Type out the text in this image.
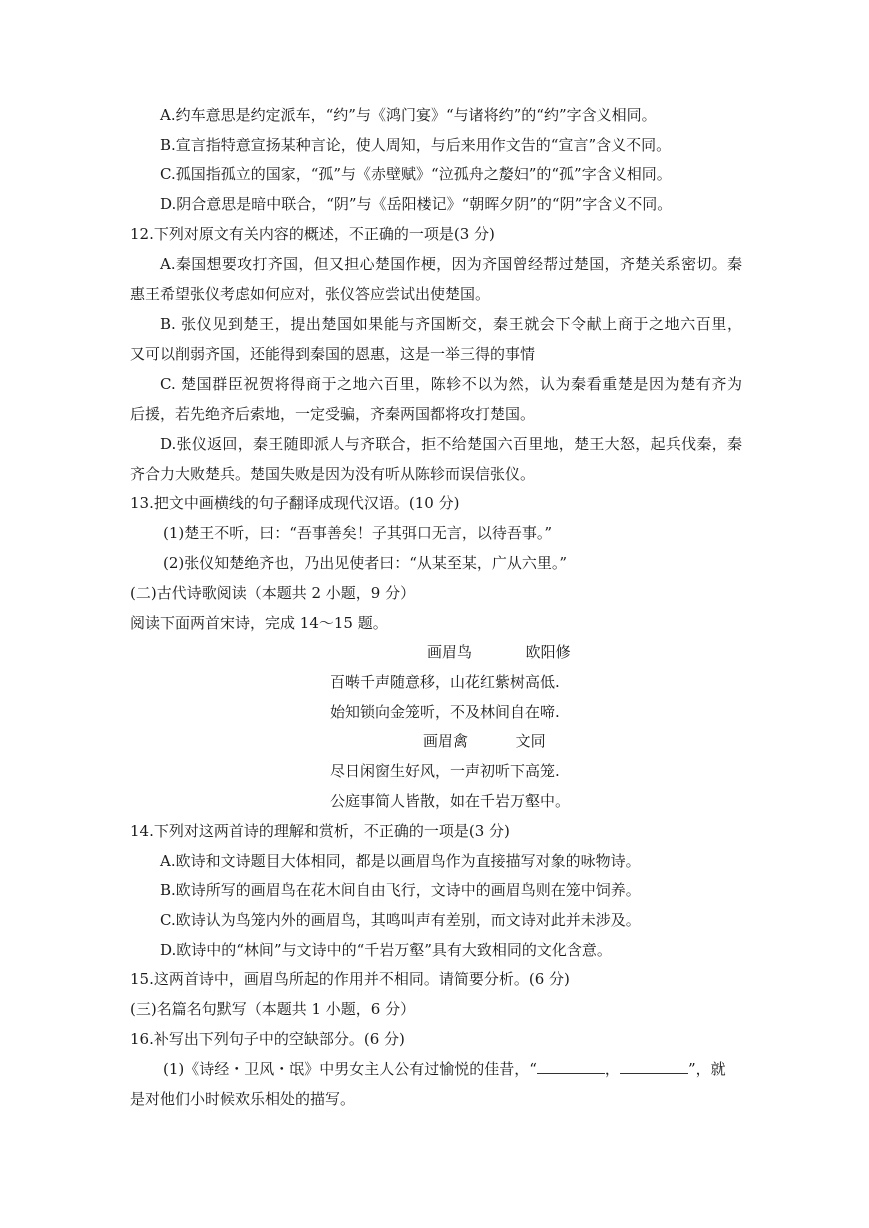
A.约车意思是约定派车，“约”与《鸿门宴》“与诸将约”的“约”字含义相同。
B.宣言指特意宣扬某种言论，使人周知，与后来用作文告的“宣言”含义不同。
C.孤国指孤立的国家，“孤”与《赤壁赋》“泣孤舟之嫠妇”的“孤”字含义相同。
D.阴合意思是暗中联合，“阴”与《岳阳楼记》“朝晖夕阴”的“阴”字含义不同。
12.下列对原文有关内容的概述，不正确的一项是(3 分)
A.秦国想要攻打齐国，但又担心楚国作梗，因为齐国曾经帮过楚国，齐楚关系密切。秦
惠王希望张仪考虑如何应对，张仪答应尝试出使楚国。
B. 张仪见到楚王，提出楚国如果能与齐国断交，秦王就会下令献上商于之地六百里，
又可以削弱齐国，还能得到秦国的恩惠，这是一举三得的事情
C. 楚国群臣祝贺将得商于之地六百里，陈轸不以为然，认为秦看重楚是因为楚有齐为
后援，若先绝齐后索地，一定受骗，齐秦两国都将攻打楚国。
D.张仪返回，秦王随即派人与齐联合，拒不给楚国六百里地，楚王大怒，起兵伐秦，秦
齐合力大败楚兵。楚国失败是因为没有听从陈轸而误信张仪。
13.把文中画横线的句子翻译成现代汉语。(10 分)
(1)楚王不听，曰：“吾事善矣！子其弭口无言，以待吾事。”
(2)张仪知楚绝齐也，乃出见使者曰：“从某至某，广从六里。”
(二)古代诗歌阅读（本题共 2 小题，9 分）
阅读下面两首宋诗，完成 14～15 题。
画眉鸟	欧阳修
百啭千声随意移，山花红紫树高低.
始知锁向金笼听，不及林间自在啼.
画眉禽	文同
尽日闲窗生好风，一声初听下高笼.
公庭事简人皆散，如在千岩万壑中。
14.下列对这两首诗的理解和赏析，不正确的一项是(3 分)
A.欧诗和文诗题目大体相同，都是以画眉鸟作为直接描写对象的咏物诗。
B.欧诗所写的画眉鸟在花木间自由飞行，文诗中的画眉鸟则在笼中饲养。
C.欧诗认为鸟笼内外的画眉鸟，其鸣叫声有差别，而文诗对此并未涉及。
D.欧诗中的“林间”与文诗中的“千岩万壑”具有大致相同的文化含意。
15.这两首诗中，画眉鸟所起的作用并不相同。请简要分析。(6 分)
(三)名篇名句默写（本题共 1 小题，6 分）
16.补写出下列句子中的空缺部分。(6 分)
(1)《诗经・卫风・氓》中男女主人公有过愉悦的佳昔，“	，	”，就
是对他们小时候欢乐相处的描写。
